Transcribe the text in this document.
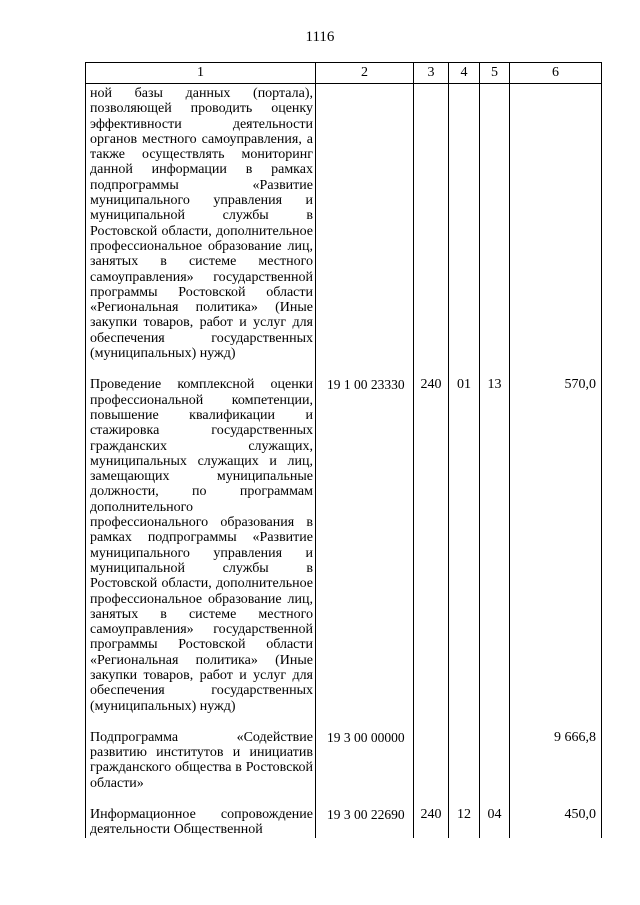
1116
1	2	3	4	5	6

ной базы данных (портала), позволяющей проводить оценку эффективности деятельности органов местного самоуправления, а также осуществлять мониторинг данной информации в рамках подпрограммы «Развитие муниципального управления и муниципальной службы в Ростовской области, дополнительное профессиональное образование лиц, занятых в системе местного самоуправления» государственной программы Ростовской области «Региональная политика» (Иные закупки товаров, работ и услуг для обеспечения государственных (муниципальных) нужд)					

Проведение комплексной оценки профессиональной компетенции, повышение квалификации и стажировка государственных гражданских служащих, муниципальных служащих и лиц, замещающих муниципальные должности, по программам дополнительного профессионального образования в рамках подпрограммы «Развитие муниципального управления и муниципальной службы в Ростовской области, дополнительное профессиональное образование лиц, занятых в системе местного самоуправления» государственной программы Ростовской области «Региональная политика» (Иные закупки товаров, работ и услуг для обеспечения государственных (муниципальных) нужд)	19 1 00 23330	240	01	13	570,0

Подпрограмма «Содействие развитию институтов и инициатив гражданского общества в Ростовской области»	19 3 00 00000				9 666,8

Информационное сопровождение деятельности Общественной	19 3 00 22690	240	12	04	450,0
